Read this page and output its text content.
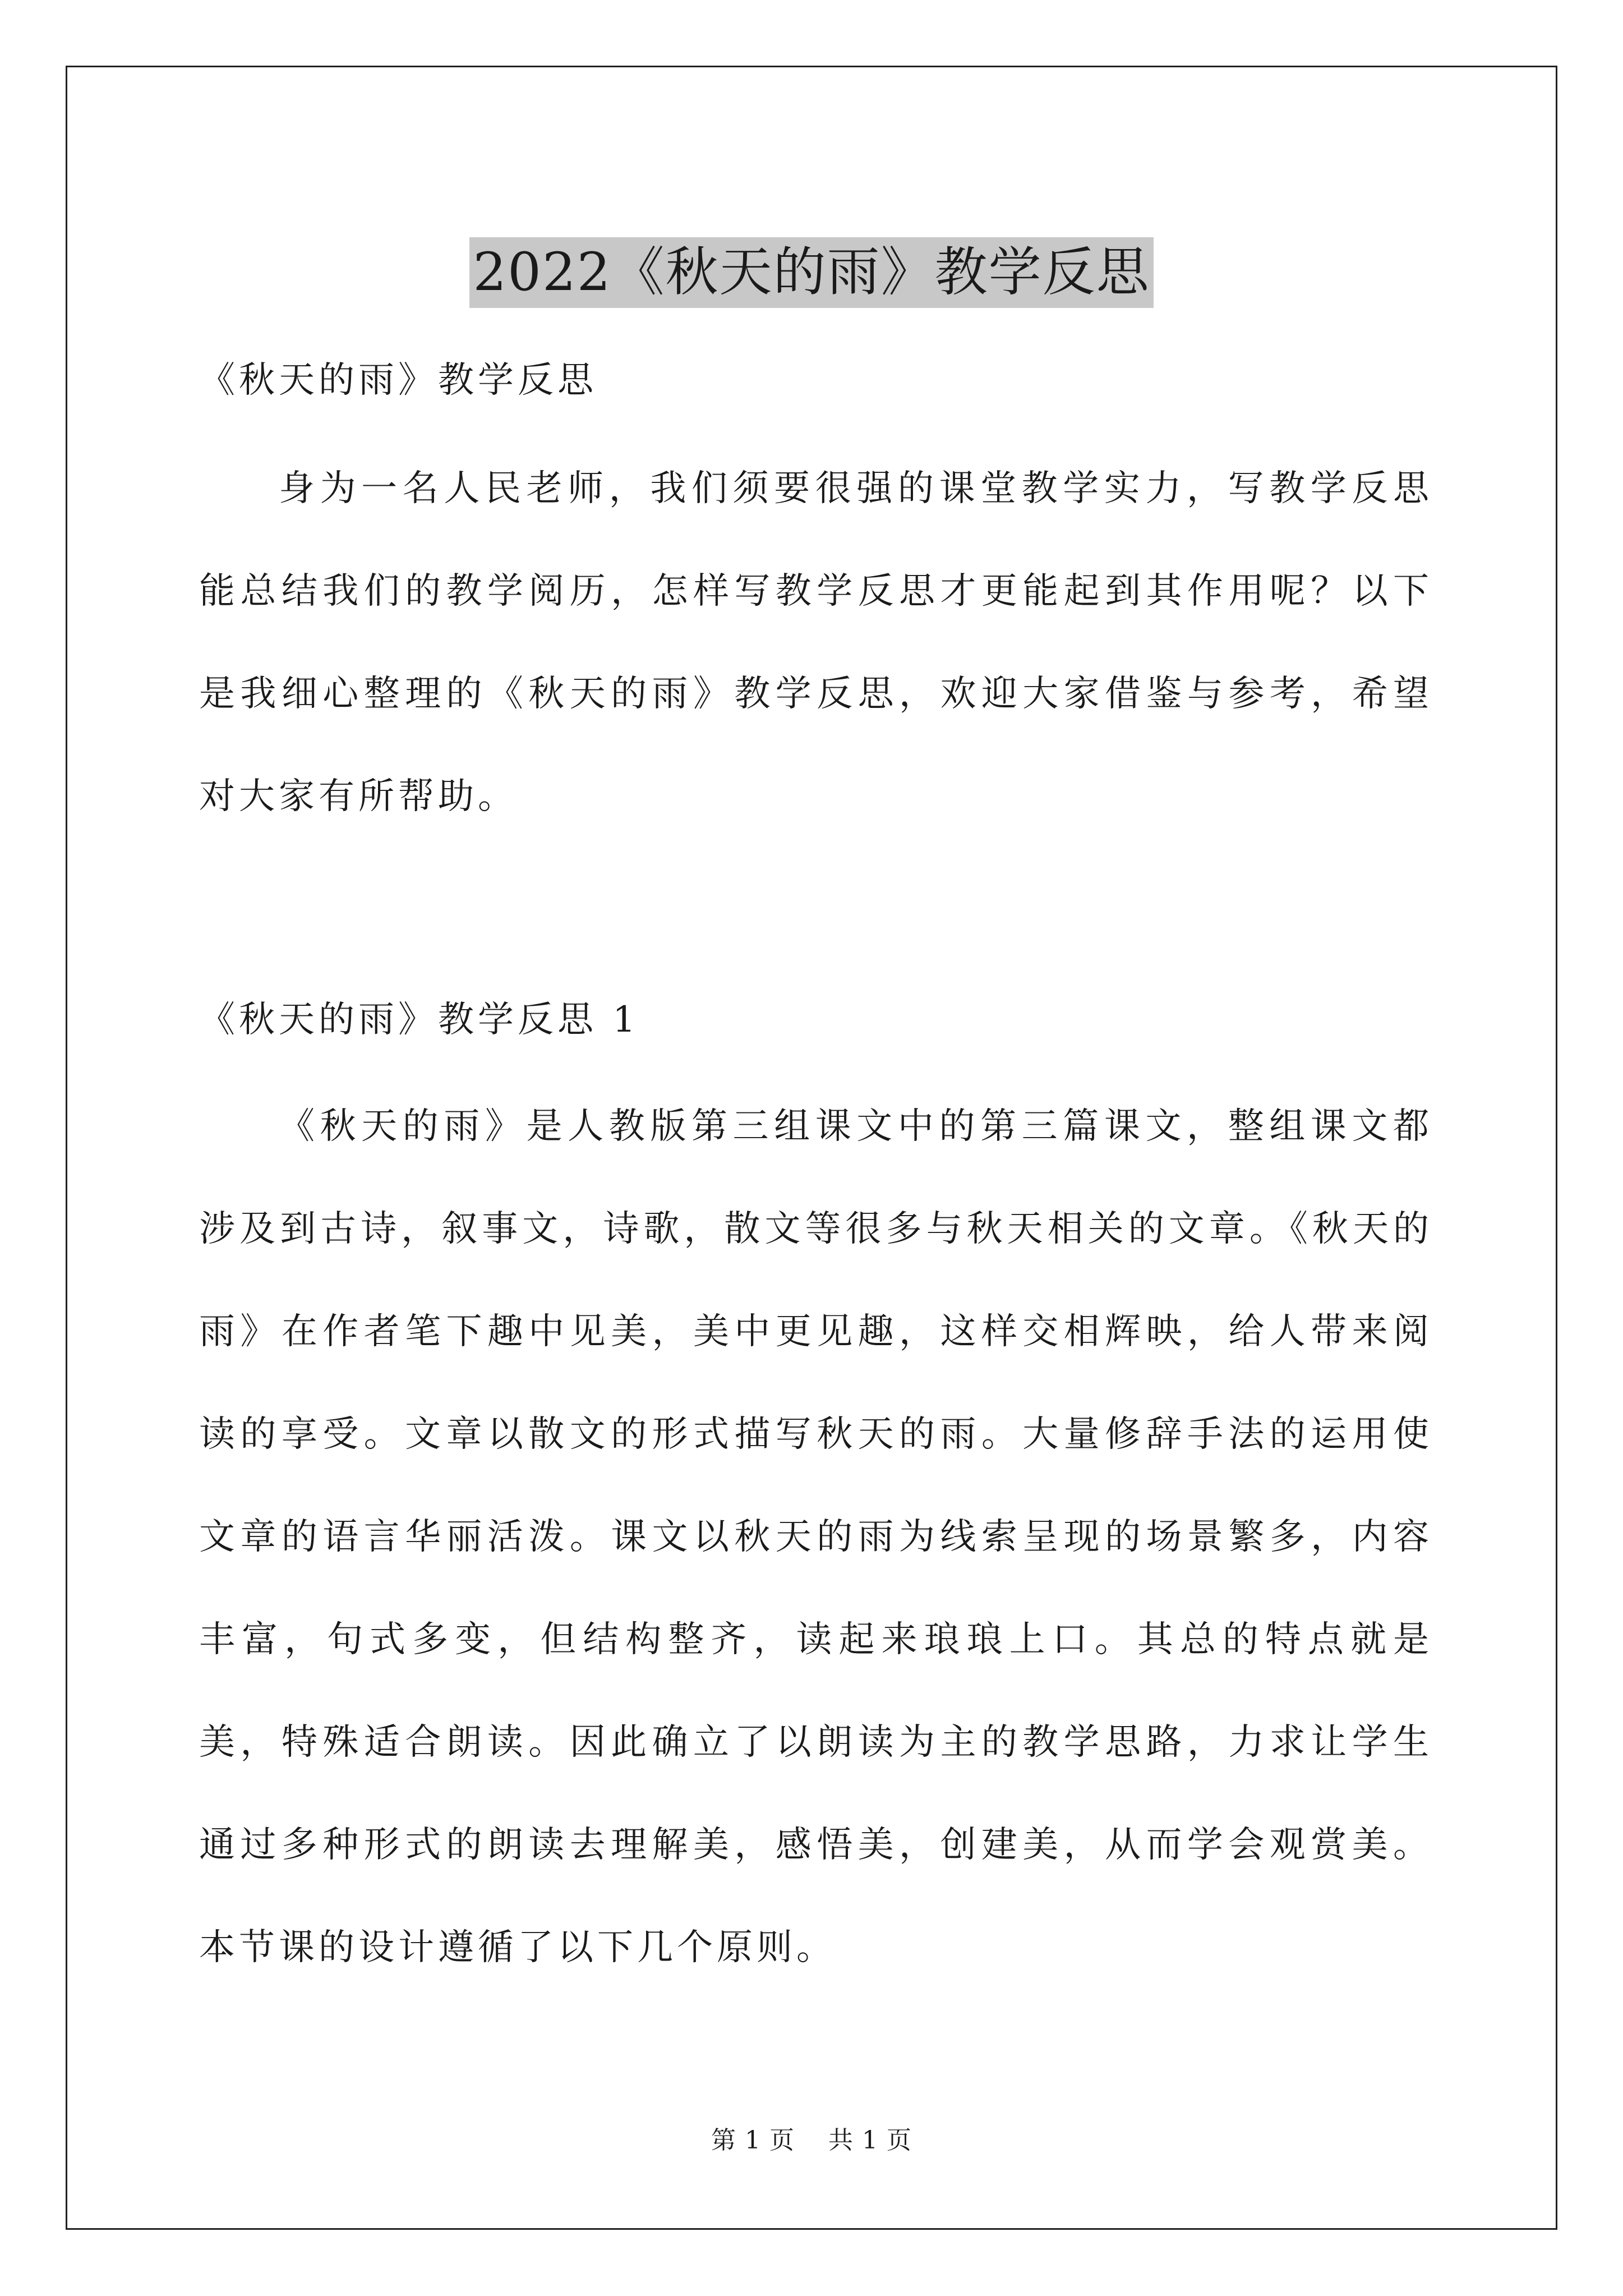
2022《秋天的雨》教学反思

《秋天的雨》教学反思

身为一名人民老师，我们须要很强的课堂教学实力，写教学反思能总结我们的教学阅历，怎样写教学反思才更能起到其作用呢？以下是我细心整理的《秋天的雨》教学反思，欢迎大家借鉴与参考，希望对大家有所帮助。

《秋天的雨》教学反思 1

《秋天的雨》是人教版第三组课文中的第三篇课文，整组课文都涉及到古诗，叙事文，诗歌，散文等很多与秋天相关的文章。《秋天的雨》在作者笔下趣中见美，美中更见趣，这样交相辉映，给人带来阅读的享受。文章以散文的形式描写秋天的雨。大量修辞手法的运用使文章的语言华丽活泼。课文以秋天的雨为线索呈现的场景繁多，内容丰富，句式多变，但结构整齐，读起来琅琅上口。其总的特点就是美，特殊适合朗读。因此确立了以朗读为主的教学思路，力求让学生通过多种形式的朗读去理解美，感悟美，创建美，从而学会观赏美。本节课的设计遵循了以下几个原则。

第 1 页    共 1 页
